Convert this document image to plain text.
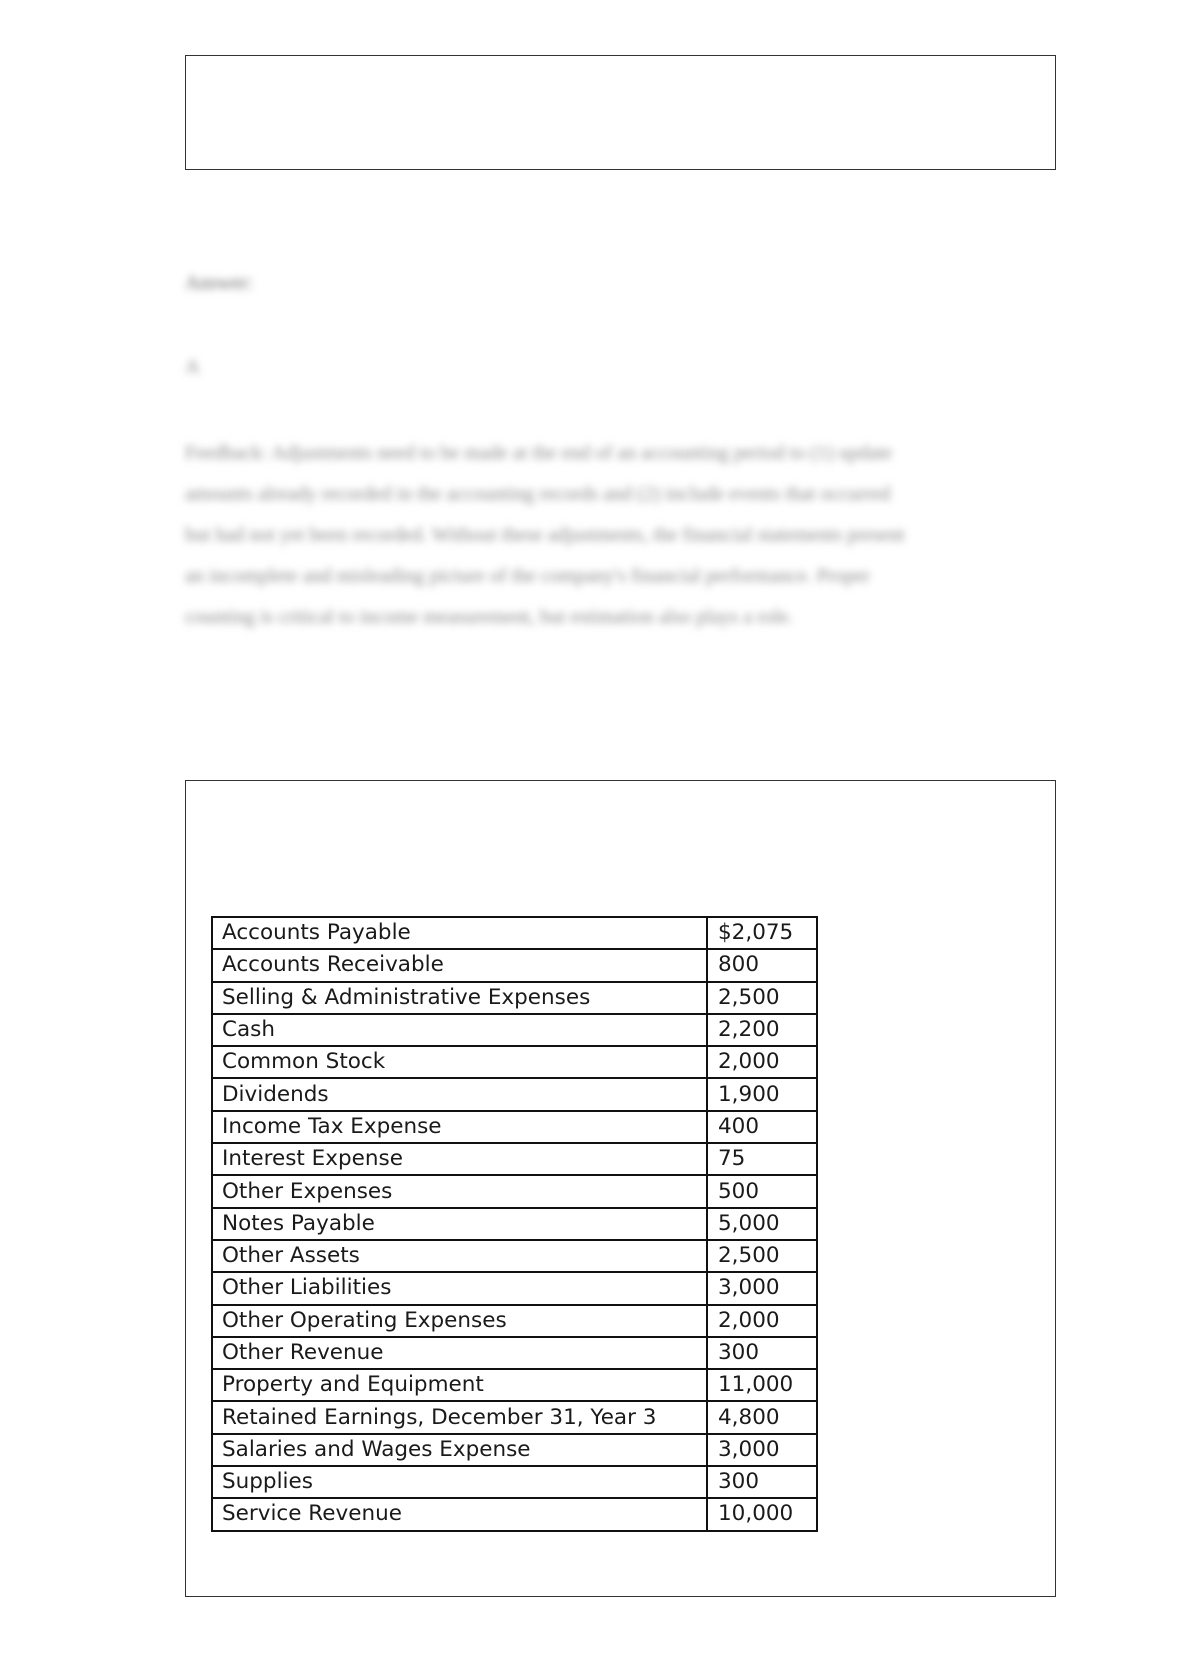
Answer:
A
Feedback: Adjustments need to be made at the end of an accounting period to (1) update
amounts already recorded in the accounting records and (2) include events that occurred
but had not yet been recorded. Without these adjustments, the financial statements present
an incomplete and misleading picture of the company's financial performance. Proper
counting is critical to income measurement, but estimation also plays a role.
Accounts Payable	$2,075
Accounts Receivable	800
Selling & Administrative Expenses	2,500
Cash	2,200
Common Stock	2,000
Dividends	1,900
Income Tax Expense	400
Interest Expense	75
Other Expenses	500
Notes Payable	5,000
Other Assets	2,500
Other Liabilities	3,000
Other Operating Expenses	2,000
Other Revenue	300
Property and Equipment	11,000
Retained Earnings, December 31, Year 3	4,800
Salaries and Wages Expense	3,000
Supplies	300
Service Revenue	10,000
